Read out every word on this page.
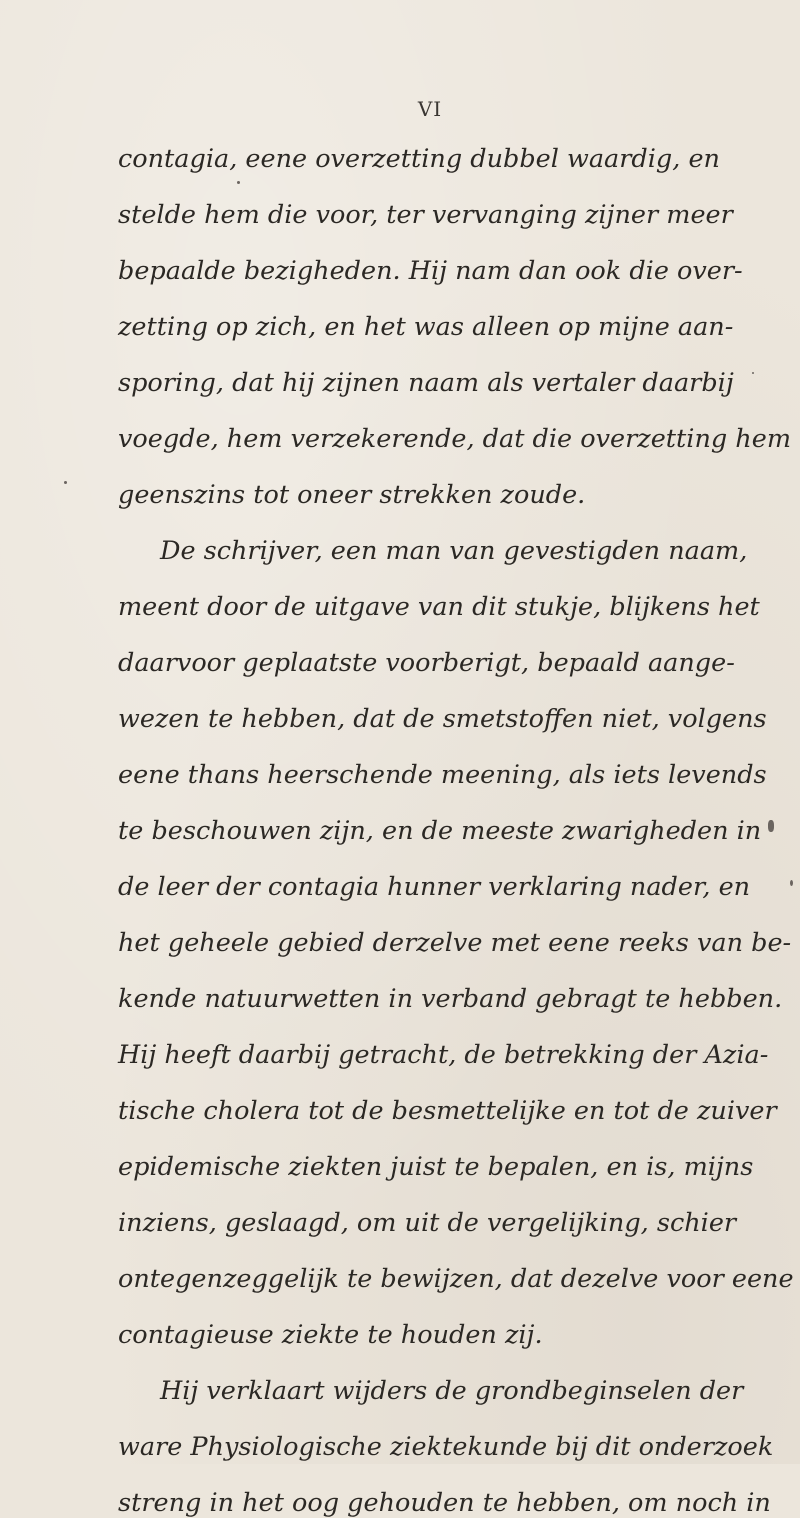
VI
contagia, eene overzetting dubbel waardig, en
stelde hem die voor, ter vervanging zijner meer
bepaalde bezigheden. Hij nam dan ook die over-
zetting op zich, en het was alleen op mijne aan-
sporing, dat hij zijnen naam als vertaler daarbij
voegde, hem verzekerende, dat die overzetting hem
geenszins tot oneer strekken zoude.
De schrijver, een man van gevestigden naam,
meent door de uitgave van dit stukje, blijkens het
daarvoor geplaatste voorberigt, bepaald aange-
wezen te hebben, dat de smetstoffen niet, volgens
eene thans heerschende meening, als iets levends
te beschouwen zijn, en de meeste zwarigheden in
de leer der contagia hunner verklaring nader, en
het geheele gebied derzelve met eene reeks van be-
kende natuurwetten in verband gebragt te hebben.
Hij heeft daarbij getracht, de betrekking der Azia-
tische cholera tot de besmettelijke en tot de zuiver
epidemische ziekten juist te bepalen, en is, mijns
inziens, geslaagd, om uit de vergelijking, schier
ontegenzeggelijk te bewijzen, dat dezelve voor eene
contagieuse ziekte te houden zij.
Hij verklaart wijders de grondbeginselen der
ware Physiologische ziektekunde bij dit onderzoek
streng in het oog gehouden te hebben, om noch in
